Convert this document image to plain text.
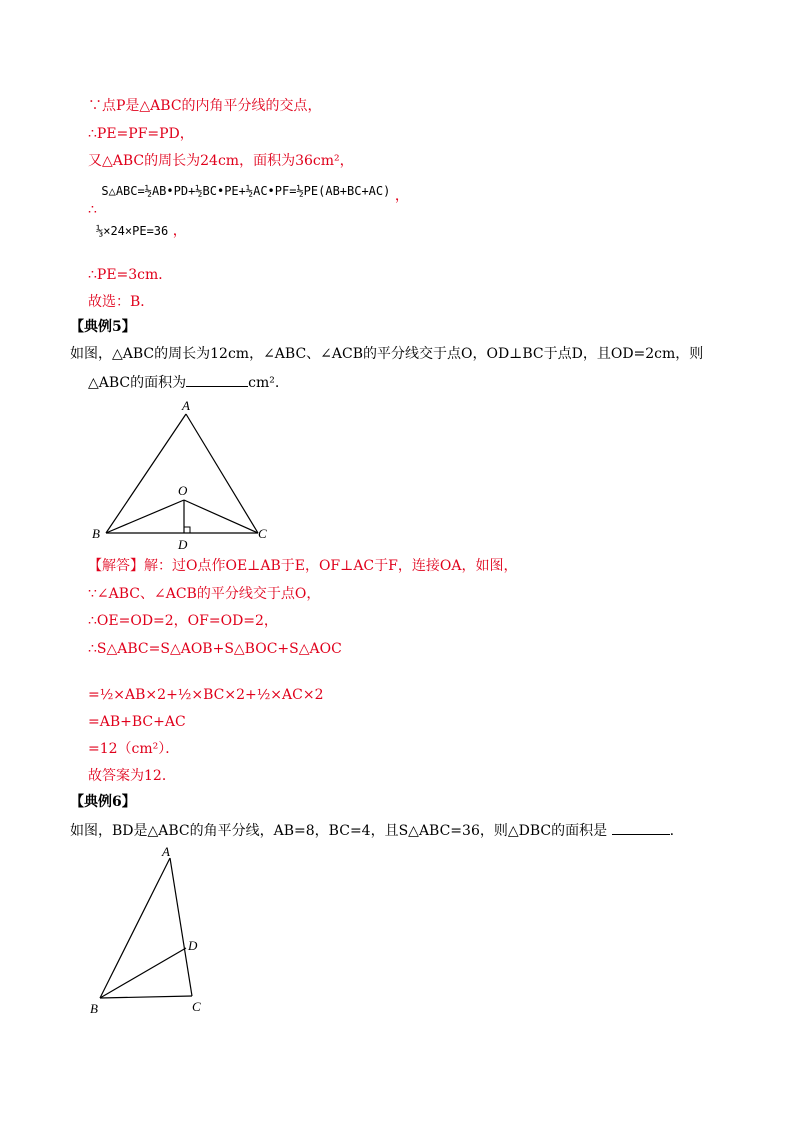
∵点P是△ABC的内角平分线的交点，
∴PE=PF=PD，
又△ABC的周长为24cm，面积为36cm²，
∴ S△ABC=½AB•PD+½BC•PE+½AC•PF=½PE(AB+BC+AC) ，
⅓×24×PE=36 ，
∴PE=3cm．
故选：B．
【典例5】
如图，△ABC的周长为12cm，∠ABC、∠ACB的平分线交于点O，OD⊥BC于点D，且OD=2cm，则
△ABC的面积为	cm².
A
O
B	C
D
【解答】解：过O点作OE⊥AB于E，OF⊥AC于F，连接OA，如图，
∵∠ABC、∠ACB的平分线交于点O，
∴OE=OD=2，OF=OD=2，
∴S△ABC=S△AOB+S△BOC+S△AOC
=½×AB×2+½×BC×2+½×AC×2
=AB+BC+AC
=12（cm²）．
故答案为12．
【典例6】
如图，BD是△ABC的角平分线，AB=8，BC=4，且S△ABC=36，则△DBC的面积是	.
A
D
B	C
